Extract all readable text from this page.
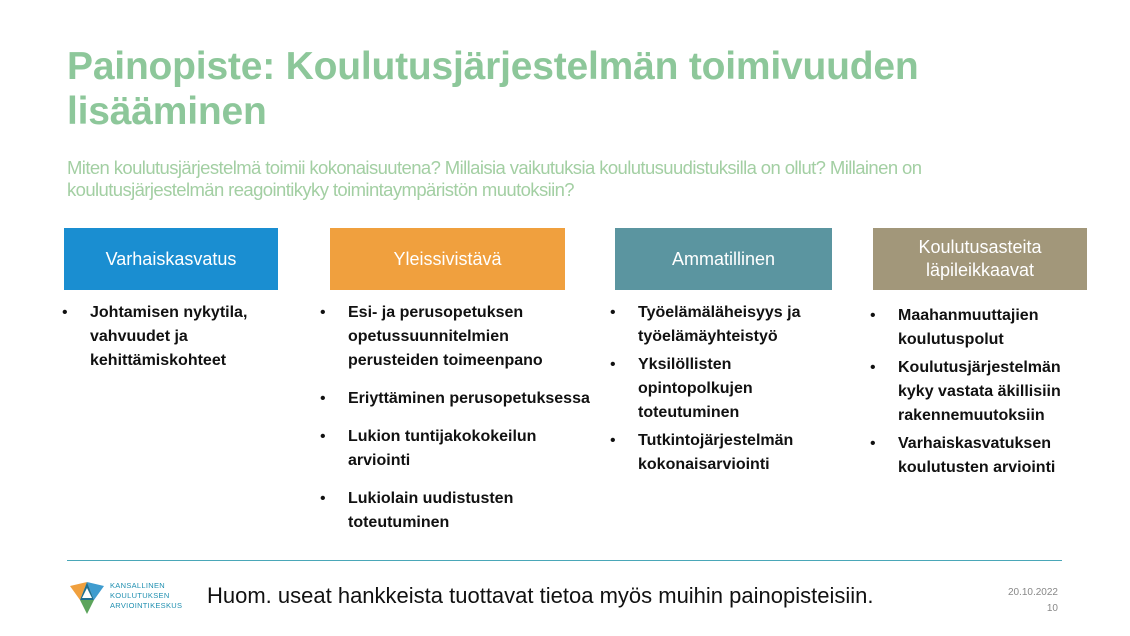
Painopiste: Koulutusjärjestelmän toimivuuden lisääminen
Miten koulutusjärjestelmä toimii kokonaisuutena? Millaisia vaikutuksia koulutusuudistuksilla on ollut? Millainen on koulutusjärjestelmän reagointikyky toimintaympäristön muutoksiin?
Varhaiskasvatus
• Johtamisen nykytila, vahvuudet ja kehittämiskohteet
Yleissivistävä
• Esi- ja perusopetuksen opetussuunnitelmien perusteiden toimeenpano
• Eriyttäminen perusopetuksessa
• Lukion tuntijakokokeilun arviointi
• Lukiolain uudistusten toteutuminen
Ammatillinen
• Työelämäläheisyys ja työelämäyhteistyö
• Yksilöllisten opintopolkujen toteutuminen
• Tutkintojärjestelmän kokonaisarviointi
Koulutusasteita läpileikkaavat
• Maahanmuuttajien koulutuspolut
• Koulutusjärjestelmän kyky vastata äkillisiin rakennemuutoksiin
• Varhaiskasvatuksen koulutusten arviointi
KANSALLINEN
KOULUTUKSEN
ARVIOINTIKESKUS Huom. useat hankkeista tuottavat tietoa myös muihin painopisteisiin.	20.10.2022
10
